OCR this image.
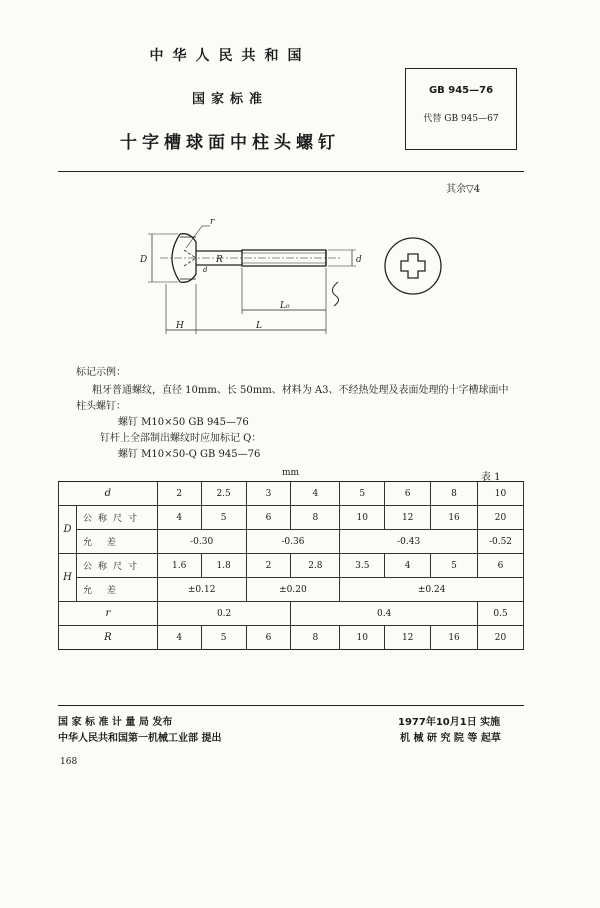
中华人民共和国
国家标准
十字槽球面中柱头螺钉
GB 945—76
代替 GB 945—67
其余▽4
r
D	R
d
d
L₀
H	L
标记示例：
粗牙普通螺纹，直径 10mm、长 50mm、材料为 A3、不经热处理及表面处理的十字槽球面中
柱头螺钉：
螺钉 M10×50 GB 945—76
钉杆上全部制出螺纹时应加标记 Q：
螺钉 M10×50-Q GB 945—76
mm	表 1
d		2	2.5	3	4	5	6	8	10
D	公称尺寸	4	5	6	8	10	12	16	20
	允 差	-0.30		-0.36		-0.43			-0.52
H	公称尺寸	1.6	1.8	2	2.8	3.5	4	5	6
	允 差	±0.12		±0.20		±0.24			
r		0.2			0.4				0.5
R		4	5	6	8	10	12	16	20
国 家 标 准 计 量 局 发布
中华人民共和国第一机械工业部 提出
1977年10月1日 实施
机 械 研 究 院 等 起草
168
